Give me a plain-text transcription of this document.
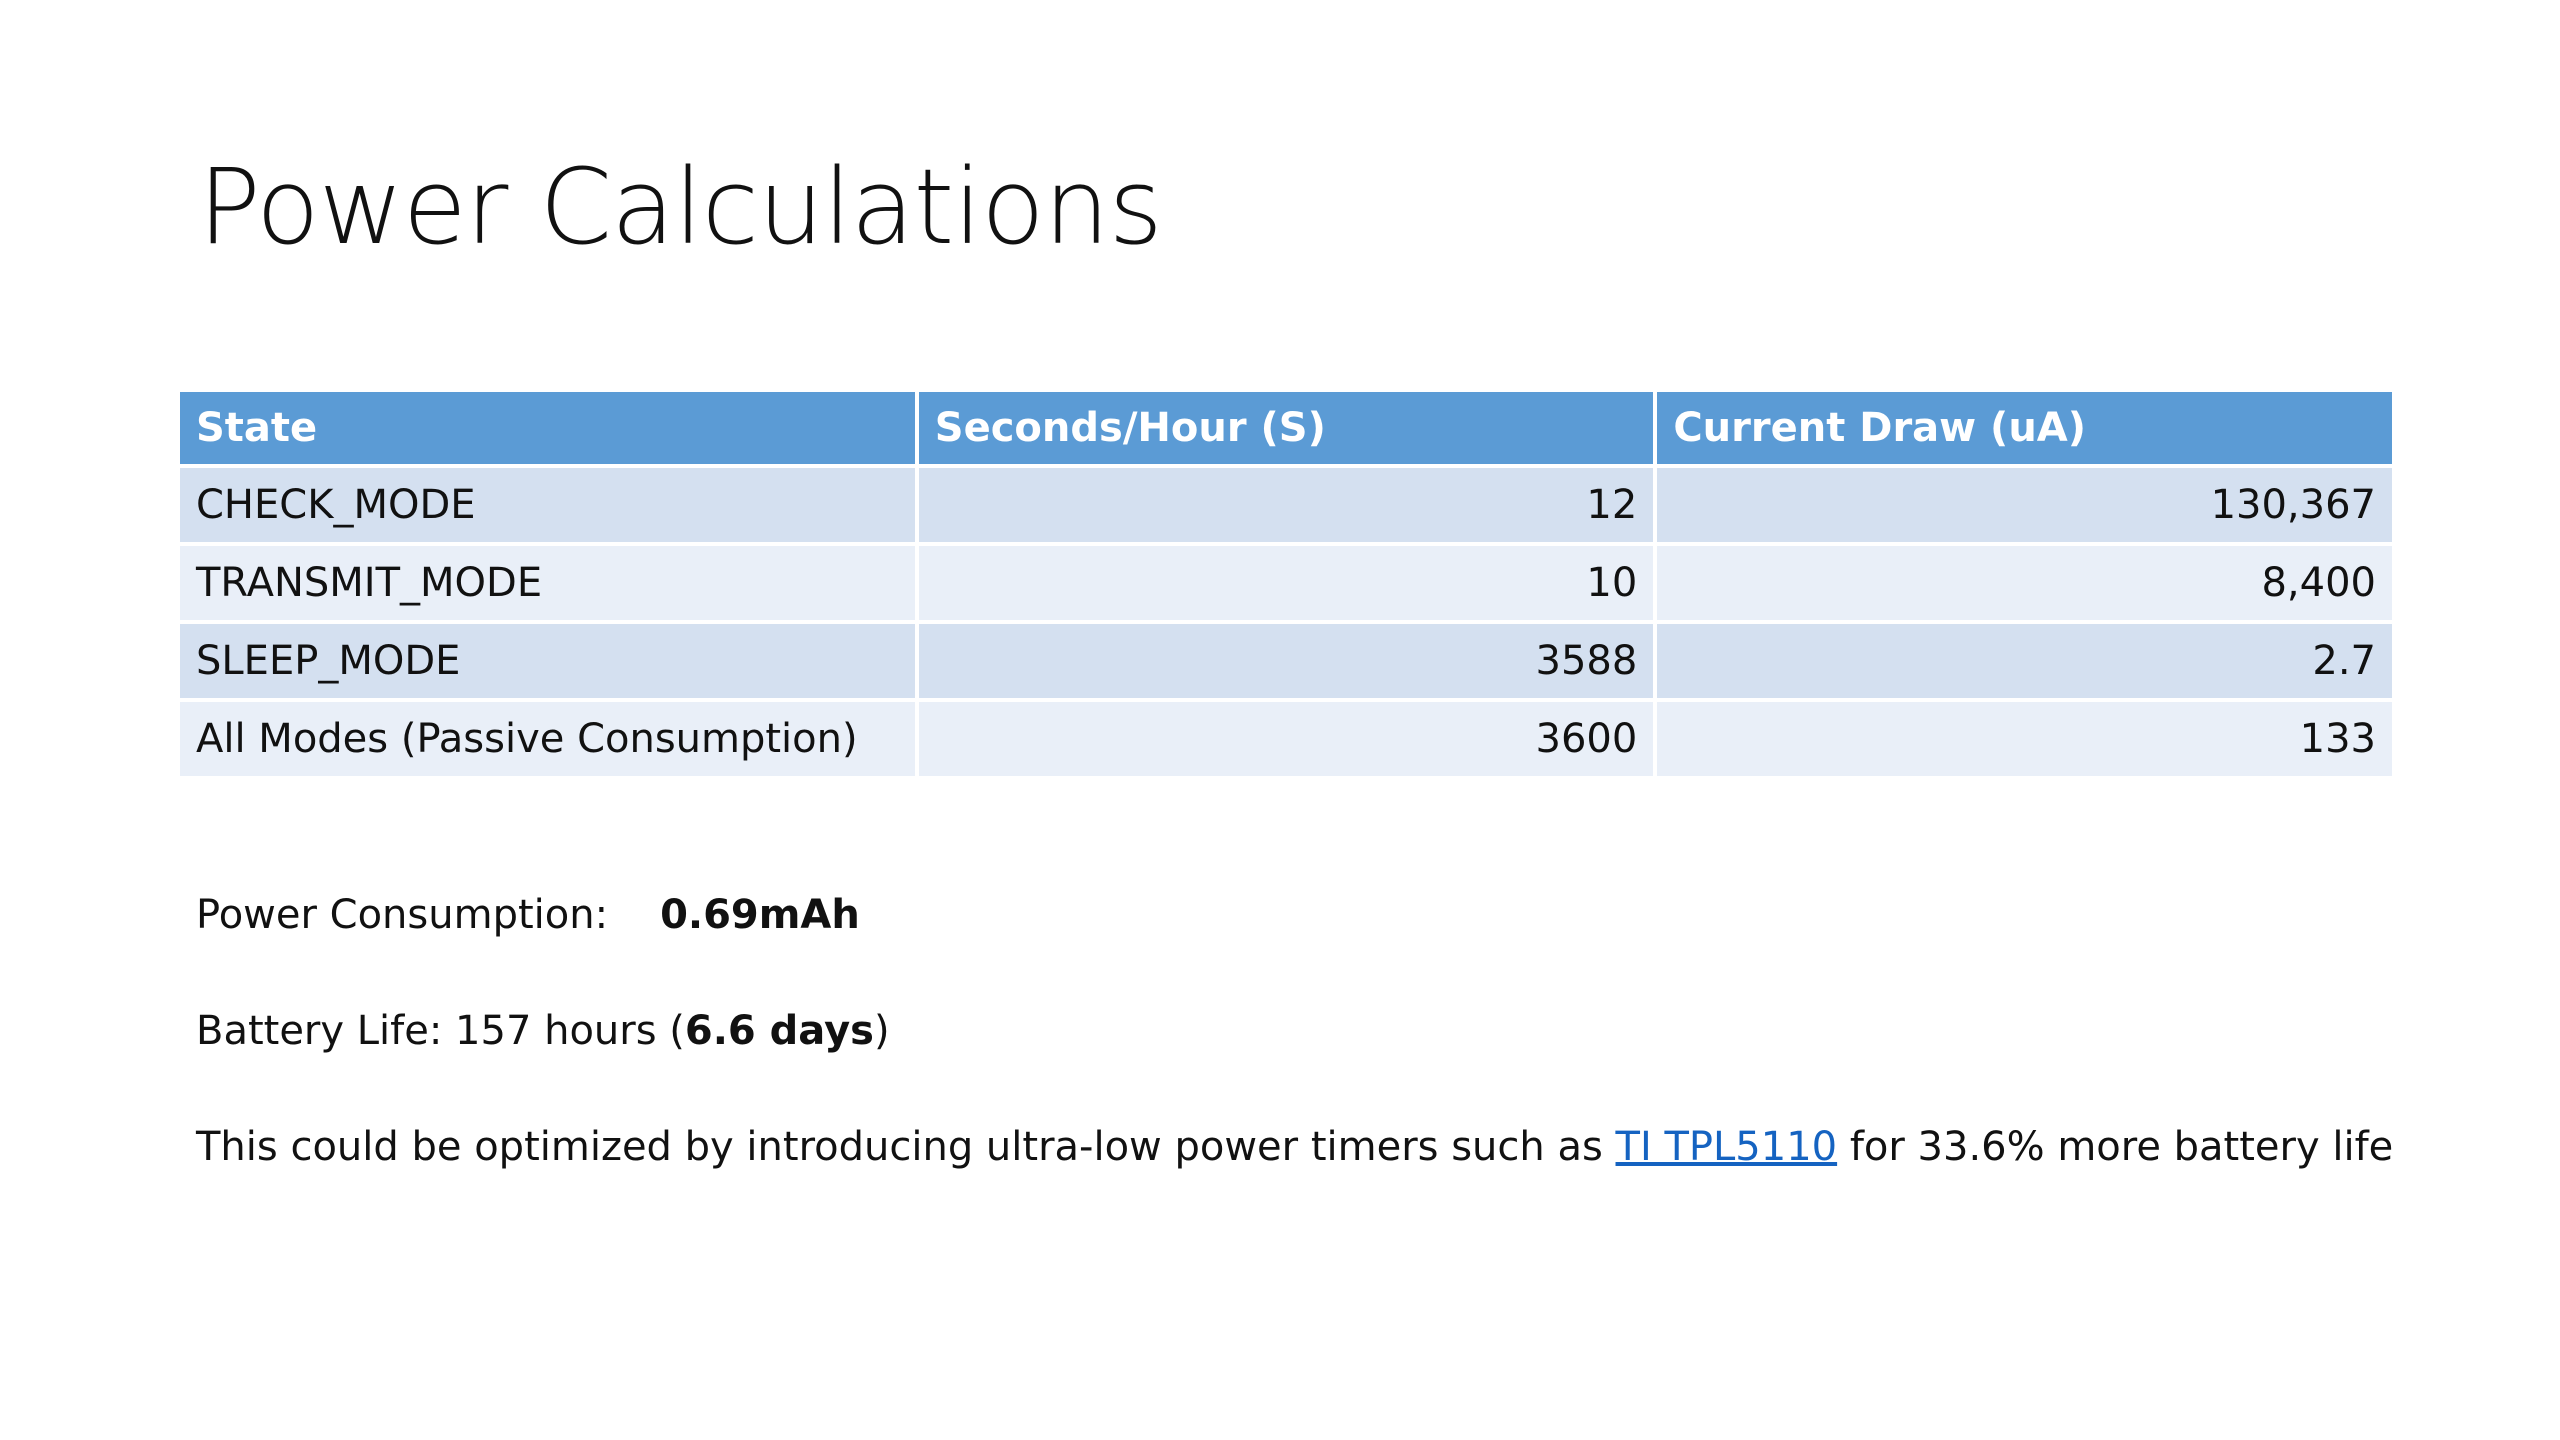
Power Calculations
State	Seconds/Hour (S)	Current Draw (uA)
CHECK_MODE	12	130,367
TRANSMIT_MODE	10	8,400
SLEEP_MODE	3588	2.7
All Modes (Passive Consumption)	3600	133

Power Consumption: 0.69mAh

Battery Life: 157 hours (6.6 days)

This could be optimized by introducing ultra-low power timers such as TI TPL5110 for 33.6% more battery life
